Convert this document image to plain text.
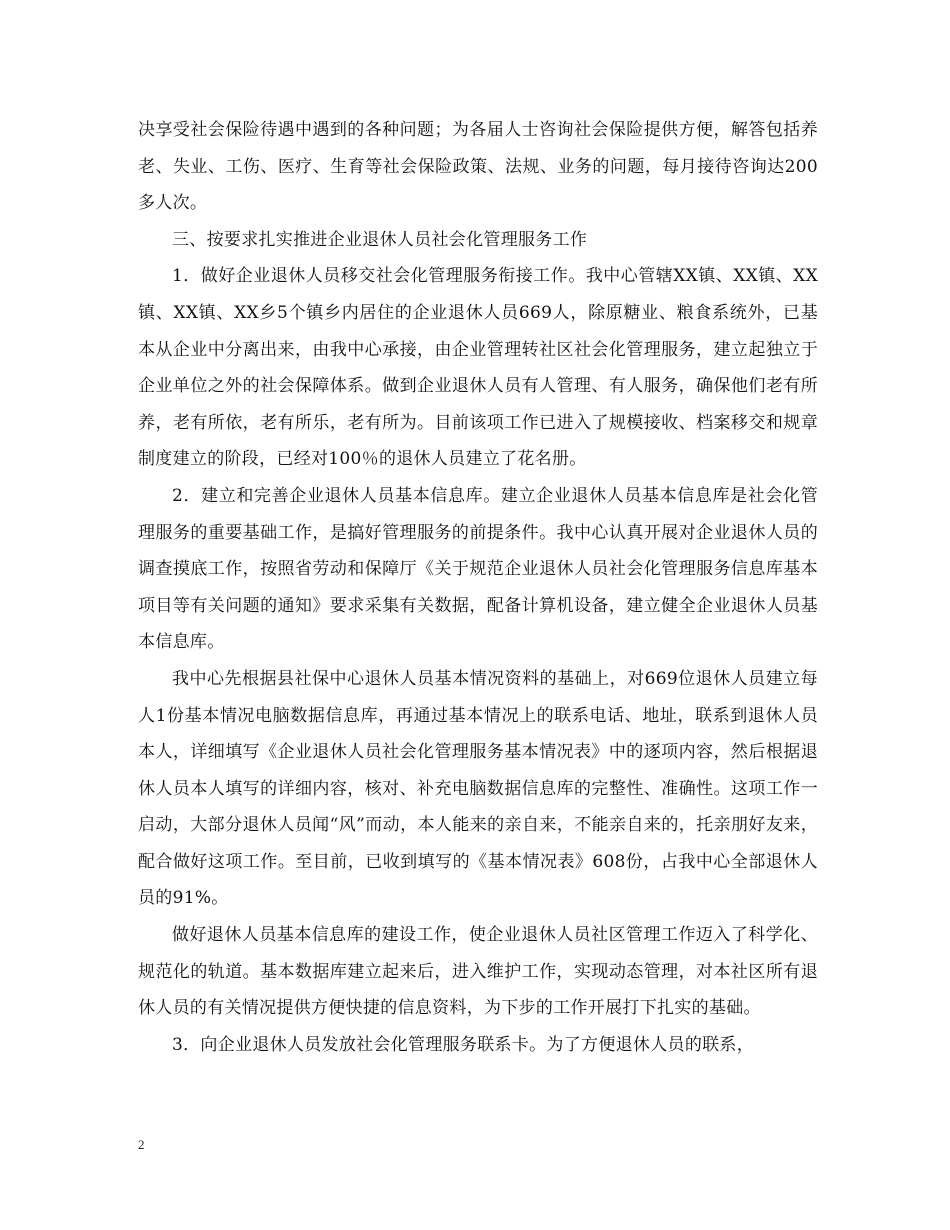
决享受社会保险待遇中遇到的各种问题；为各届人士咨询社会保险提供方便，解答包括养老、失业、工伤、医疗、生育等社会保险政策、法规、业务的问题，每月接待咨询达200多人次。

三、按要求扎实推进企业退休人员社会化管理服务工作

1．做好企业退休人员移交社会化管理服务衔接工作。我中心管辖XX镇、XX镇、XX镇、XX镇、XX乡5个镇乡内居住的企业退休人员669人，除原糖业、粮食系统外，已基本从企业中分离出来，由我中心承接，由企业管理转社区社会化管理服务，建立起独立于企业单位之外的社会保障体系。做到企业退休人员有人管理、有人服务，确保他们老有所养，老有所依，老有所乐，老有所为。目前该项工作已进入了规模接收、档案移交和规章制度建立的阶段，已经对100％的退休人员建立了花名册。

2．建立和完善企业退休人员基本信息库。建立企业退休人员基本信息库是社会化管理服务的重要基础工作，是搞好管理服务的前提条件。我中心认真开展对企业退休人员的调查摸底工作，按照省劳动和保障厅《关于规范企业退休人员社会化管理服务信息库基本项目等有关问题的通知》要求采集有关数据，配备计算机设备，建立健全企业退休人员基本信息库。

我中心先根据县社保中心退休人员基本情况资料的基础上，对669位退休人员建立每人1份基本情况电脑数据信息库，再通过基本情况上的联系电话、地址，联系到退休人员本人，详细填写《企业退休人员社会化管理服务基本情况表》中的逐项内容，然后根据退休人员本人填写的详细内容，核对、补充电脑数据信息库的完整性、准确性。这项工作一启动，大部分退休人员闻“风”而动，本人能来的亲自来，不能亲自来的，托亲朋好友来，配合做好这项工作。至目前，已收到填写的《基本情况表》608份，占我中心全部退休人员的91%。

做好退休人员基本信息库的建设工作，使企业退休人员社区管理工作迈入了科学化、规范化的轨道。基本数据库建立起来后，进入维护工作，实现动态管理，对本社区所有退休人员的有关情况提供方便快捷的信息资料，为下步的工作开展打下扎实的基础。

3．向企业退休人员发放社会化管理服务联系卡。为了方便退休人员的联系，

2
